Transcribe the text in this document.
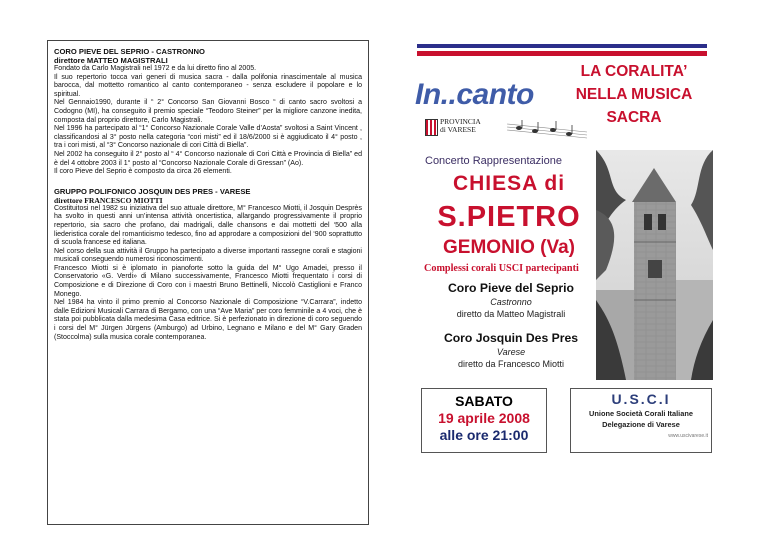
CORO PIEVE DEL SEPRIO - CASTRONNO
direttore MATTEO MAGISTRALI

Fondato da Carlo Magistrali nel 1972 e da lui diretto fino al 2005.

Il suo repertorio tocca vari generi di musica sacra - dalla polifonia rinascimentale al musica barocca, dal mottetto romantico al canto contemporaneo - senza escludere il popolare e lo spiritual.

Nel Gennaio1990, durante il “ 2° Concorso San Giovanni Bosco “ di canto sacro svoltosi a Codogno (MI), ha conseguito il premio speciale “Teodoro Steiner” per la migliore canzone inedita, composta dal proprio direttore, Carlo Magistrali.

Nel 1996 ha partecipato al “1° Concorso Nazionale Corale Valle d’Aosta” svoltosi a Saint Vincent , classificandosi al 3° posto nella categoria “cori misti” ed il 18/6/2000 si è aggiudicato il 4° posto , tra i cori misti, al “3° Concorso nazionale di cori Città di Biella”.

Nel 2002 ha conseguito il 2° posto al “ 4° Concorso nazionale di Cori Città e Provincia di Biella” ed è del 4 ottobre 2003 il 1° posto al “Concorso Nazionale Corale di Gressan” (Ao).

Il coro Pieve del Seprio è composto da circa 26 elementi.

GRUPPO POLIFONICO JOSQUIN DES PRES - VARESE
direttore FRANCESCO MIOTTI

Costituitosi nel 1982 su iniziativa del suo attuale direttore, M° Francesco Miotti, il Josquin Desprès ha svolto in questi anni un’intensa attività oncertistica, allargando progressivamente il proprio repertorio, sia sacro che profano, dai madrigali, dalle chansons e dai mottetti del ‘500 alla liederistica corale del romanticismo tedesco, fino ad approdare a composizioni del ‘900 soprattutto di scuola francese ed italiana.

Nel corso della sua attività il Gruppo ha partecipato a diverse importanti rassegne corali e stagioni musicali conseguendo numerosi riconoscimenti.

Francesco Miotti si è iplomato in pianoforte sotto la guida del M° Ugo Amadei, presso il Conservatorio «G. Verdi» di Milano successivamente, Francesco Miotti frequentato i corsi di Composizione e di Direzione di Coro con i maestri Bruno Bettinelli, Niccolò Castiglioni e Franco Monego.

Nel 1984 ha vinto il primo premio al Concorso Nazionale di Composizione “V.Carrara”, indetto dalle Edizioni Musicali Carrara di Bergamo, con una “Ave Maria” per coro femminile a 4 voci, che è stata poi pubblicata dalla medesima Casa editrice. Si è perfezionato in direzione di coro seguendo i corsi del M° Jürgen Jürgens (Amburgo) ad Urbino, Legnano e Milano e del M° Gary Graden (Stoccolma) sulla musica corale contemporanea.

In..canto
LA CORALITA’
NELLA MUSICA
SACRA
PROVINCIA
di VARESE
Concerto Rappresentazione
CHIESA di
S.PIETRO
GEMONIO (Va)
Complessi corali USCI partecipanti
Coro Pieve del Seprio
Castronno
diretto da Matteo Magistrali
Coro Josquin Des Pres
Varese
diretto da Francesco Miotti
SABATO
19 aprile 2008
alle ore 21:00
U.S.C.I
Unione Società Corali Italiane
Delegazione di Varese
www.uscivarese.it
